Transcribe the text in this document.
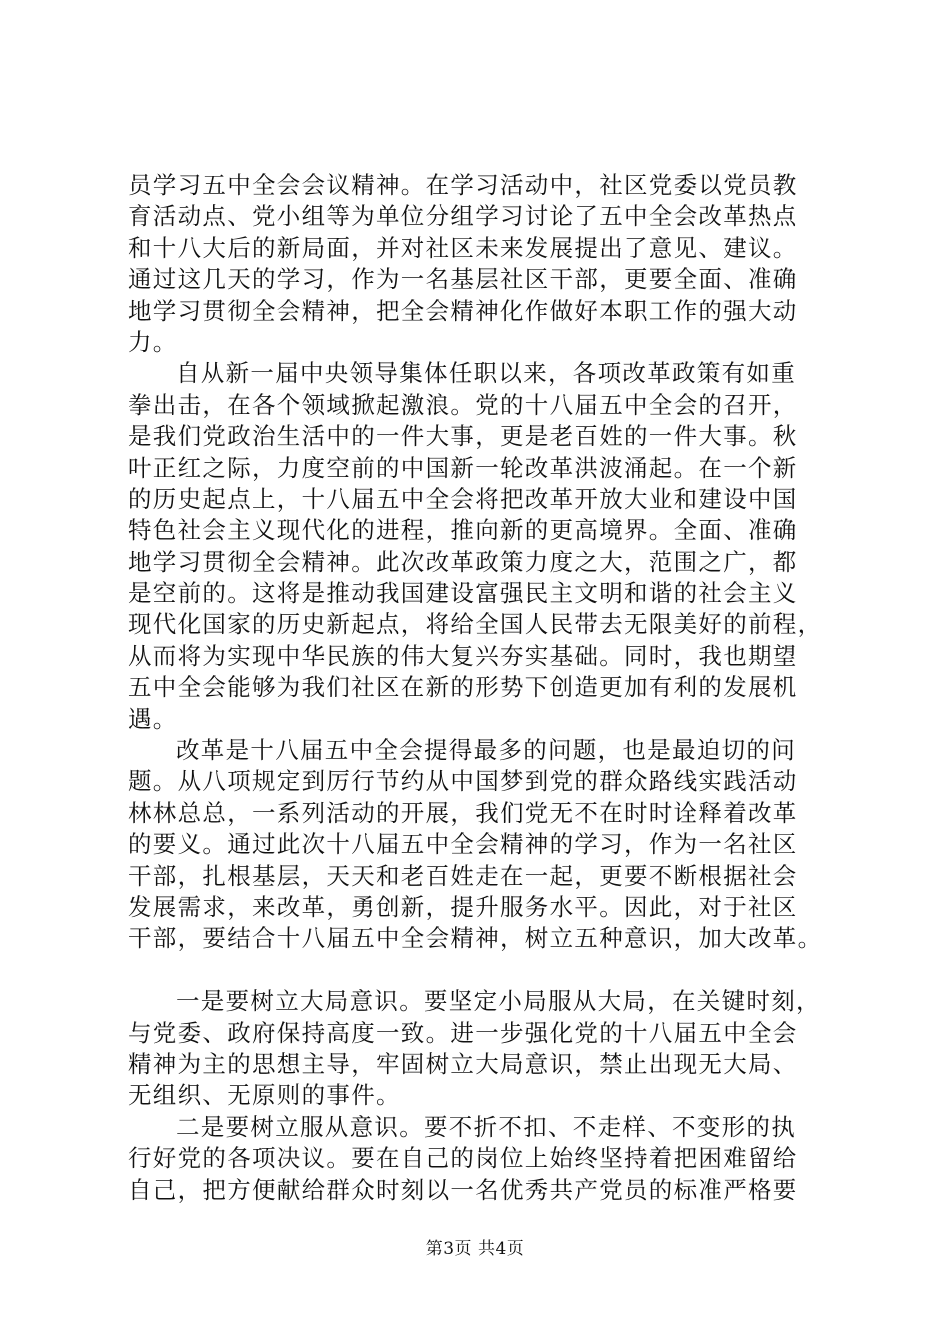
员学习五中全会会议精神。在学习活动中，社区党委以党员教
育活动点、党小组等为单位分组学习讨论了五中全会改革热点
和十八大后的新局面，并对社区未来发展提出了意见、建议。
通过这几天的学习，作为一名基层社区干部，更要全面、准确
地学习贯彻全会精神，把全会精神化作做好本职工作的强大动
力。
自从新一届中央领导集体任职以来，各项改革政策有如重
拳出击，在各个领域掀起激浪。党的十八届五中全会的召开，
是我们党政治生活中的一件大事，更是老百姓的一件大事。秋
叶正红之际，力度空前的中国新一轮改革洪波涌起。在一个新
的历史起点上，十八届五中全会将把改革开放大业和建设中国
特色社会主义现代化的进程，推向新的更高境界。全面、准确
地学习贯彻全会精神。此次改革政策力度之大，范围之广，都
是空前的。这将是推动我国建设富强民主文明和谐的社会主义
现代化国家的历史新起点，将给全国人民带去无限美好的前程，
从而将为实现中华民族的伟大复兴夯实基础。同时，我也期望
五中全会能够为我们社区在新的形势下创造更加有利的发展机
遇。
改革是十八届五中全会提得最多的问题，也是最迫切的问
题。从八项规定到厉行节约从中国梦到党的群众路线实践活动
林林总总，一系列活动的开展，我们党无不在时时诠释着改革
的要义。通过此次十八届五中全会精神的学习，作为一名社区
干部，扎根基层，天天和老百姓走在一起，更要不断根据社会
发展需求，来改革，勇创新，提升服务水平。因此，对于社区
干部，要结合十八届五中全会精神，树立五种意识，加大改革。
一是要树立大局意识。要坚定小局服从大局，在关键时刻，
与党委、政府保持高度一致。进一步强化党的十八届五中全会
精神为主的思想主导，牢固树立大局意识，禁止出现无大局、
无组织、无原则的事件。
二是要树立服从意识。要不折不扣、不走样、不变形的执
行好党的各项决议。要在自己的岗位上始终坚持着把困难留给
自己，把方便献给群众时刻以一名优秀共产党员的标准严格要
第3页 共4页
